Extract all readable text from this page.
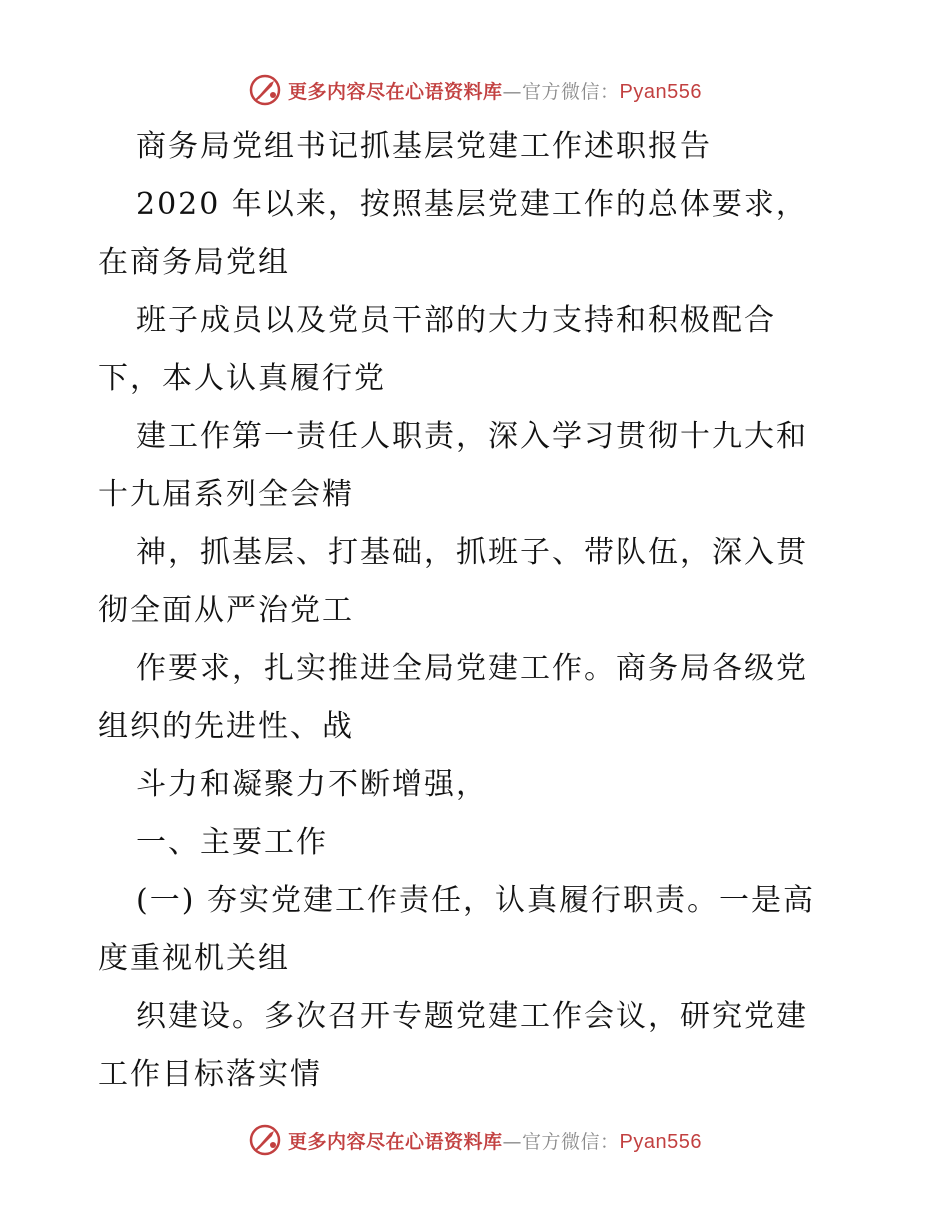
更多内容尽在心语资料库—官方微信：Pyan556
商务局党组书记抓基层党建工作述职报告
2020 年以来，按照基层党建工作的总体要求，
在商务局党组
班子成员以及党员干部的大力支持和积极配合
下，本人认真履行党
建工作第一责任人职责，深入学习贯彻十九大和
十九届系列全会精
神，抓基层、打基础，抓班子、带队伍，深入贯
彻全面从严治党工
作要求，扎实推进全局党建工作。商务局各级党
组织的先进性、战
斗力和凝聚力不断增强，
一、主要工作
(一) 夯实党建工作责任，认真履行职责。一是高
度重视机关组
织建设。多次召开专题党建工作会议，研究党建
工作目标落实情
更多内容尽在心语资料库—官方微信：Pyan556
